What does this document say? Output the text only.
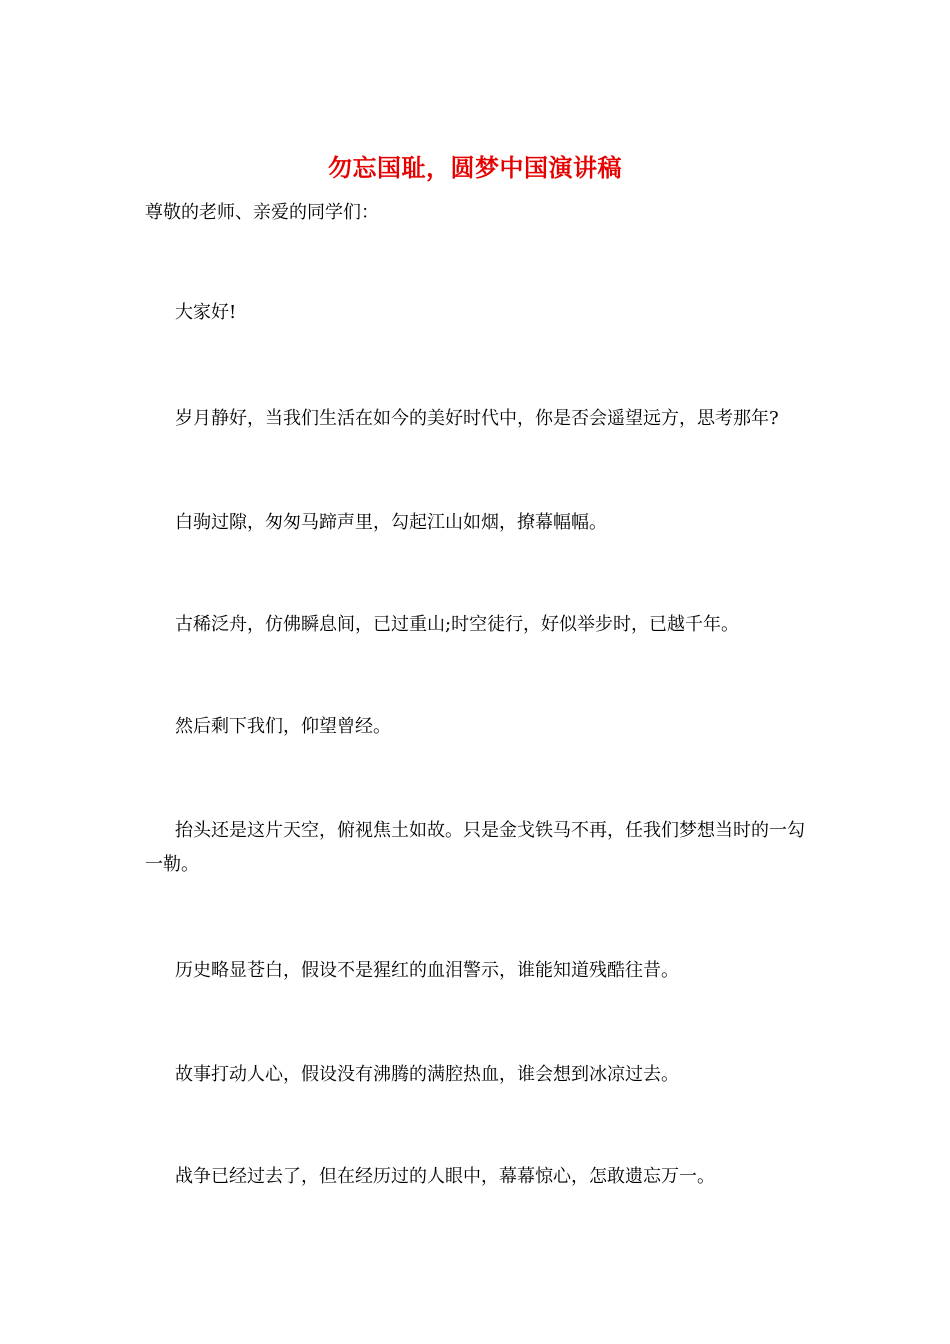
勿忘国耻，圆梦中国演讲稿
尊敬的老师、亲爱的同学们：
大家好!
岁月静好，当我们生活在如今的美好时代中，你是否会遥望远方，思考那年?
白驹过隙，匆匆马蹄声里，勾起江山如烟，撩幕幅幅。
古稀泛舟，仿佛瞬息间，已过重山;时空徒行，好似举步时，已越千年。
然后剩下我们，仰望曾经。
抬头还是这片天空，俯视焦土如故。只是金戈铁马不再，任我们梦想当时的一勾一勒。
历史略显苍白，假设不是猩红的血泪警示，谁能知道残酷往昔。
故事打动人心，假设没有沸腾的满腔热血，谁会想到冰凉过去。
战争已经过去了，但在经历过的人眼中，幕幕惊心，怎敢遗忘万一。
